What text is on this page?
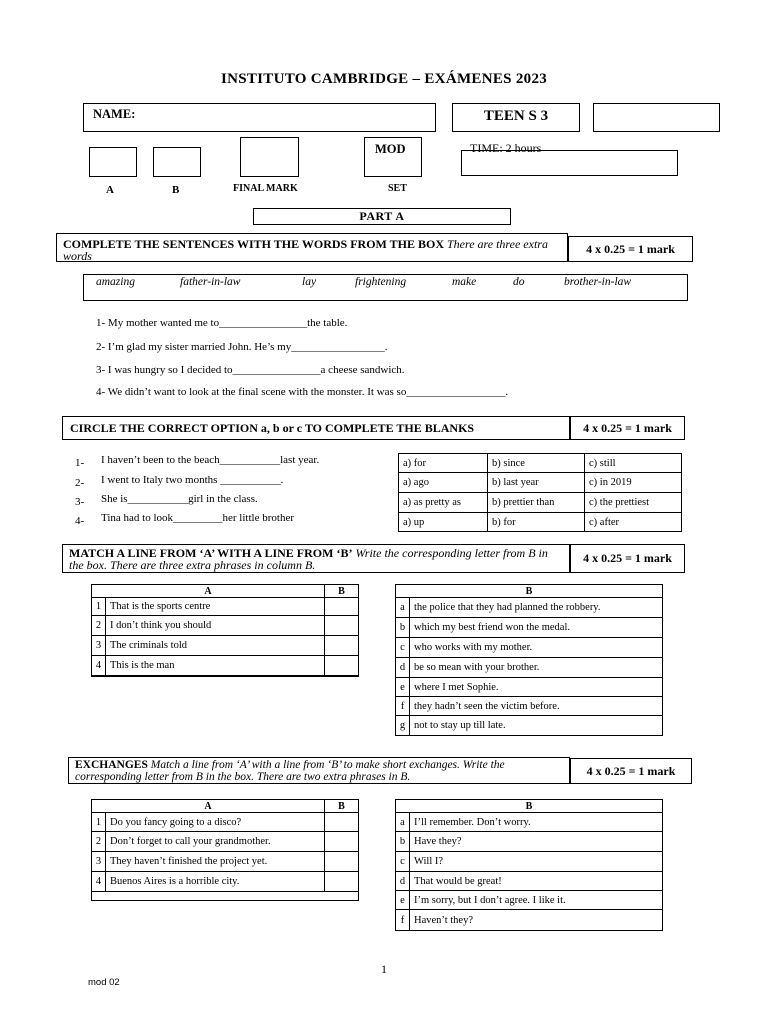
INSTITUTO CAMBRIDGE – EXÁMENES 2023
NAME:	TEEN S 3
MOD	TIME: 2 hours
A	B	FINAL MARK	SET
PART A
COMPLETE THE SENTENCES WITH THE WORDS FROM THE BOX There are three extra words	4 x 0.25 = 1 mark
amazing	father-in-law	lay	frightening	make	do	brother-in-law
1- My mother wanted me to________________the table.
2- I’m glad my sister married John. He’s my_________________.
3- I was hungry so I decided to________________a cheese sandwich.
4- We didn’t want to look at the final scene with the monster. It was so__________________.
CIRCLE THE CORRECT OPTION a, b or c TO COMPLETE THE BLANKS	4 x 0.25 = 1 mark
1-
2-
3-
4-
I haven’t been to the beach___________last year.
I went to Italy two months ___________.
She is___________girl in the class.
Tina had to look_________her little brother
a) for	b) since	c) still
a) ago	b) last year	c) in 2019
a) as pretty as	b) prettier than	c) the prettiest
a) up	b) for	c) after
MATCH A LINE FROM ‘A’ WITH A LINE FROM ‘B’ Write the corresponding letter from B in the box. There are three extra phrases in column B.	4 x 0.25 = 1 mark
A		B
1	That is the sports centre	
2	I don’t think you should	
3	The criminals told	
4	This is the man	
B	
a	the police that they had planned the robbery.
b	which my best friend won the medal.
c	who works with my mother.
d	be so mean with your brother.
e	where I met Sophie.
f	they hadn’t seen the victim before.
g	not to stay up till late.
EXCHANGES Match a line from ‘A’ with a line from ‘B’ to make short exchanges. Write the corresponding letter from B in the box. There are two extra phrases in B.	4 x 0.25 = 1 mark
A		B
1	Do you fancy going to a disco?	
2	Don’t forget to call your grandmother.	
3	They haven’t finished the project yet.	
4	Buenos Aires is a horrible city.	
B	
a	I’ll remember. Don’t worry.
b	Have they?
c	Will I?
d	That would be great!
e	I’m sorry, but I don’t agree. I like it.
f	Haven’t they?
1
mod 02
